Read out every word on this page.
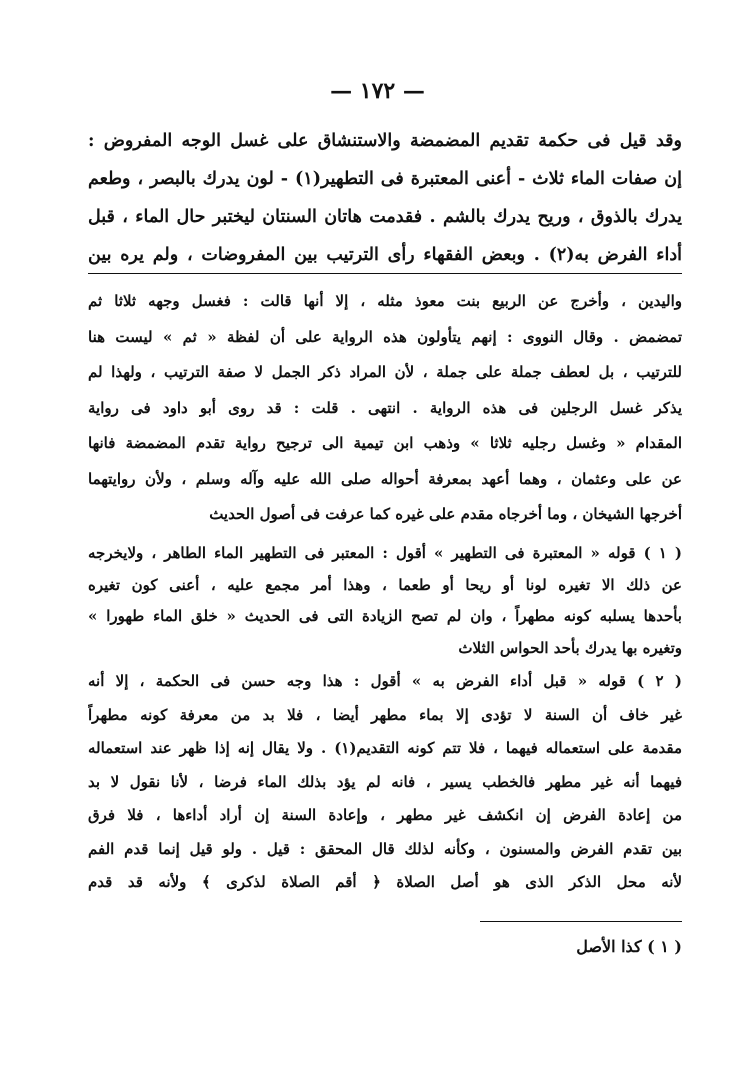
— ١٧٢ —
وقد قيل فى حكمة تقديم المضمضة والاستنشاق على غسل الوجه المفروض :
إن صفات الماء ثلاث - أعنى المعتبرة فى التطهير(١) - لون يدرك بالبصر ، وطعم
يدرك بالذوق ، وريح يدرك بالشم . فقدمت هاتان السنتان ليختبر حال الماء ، قبل
أداء الفرض به(٢) . وبعض الفقهاء رأى الترتيب بين المفروضات ، ولم يره بين
واليدين ، وأخرج عن الربيع بنت معوذ مثله ، إلا أنها قالت : فغسل وجهه ثلاثا ثم
تمضمض . وقال النووى : إنهم يتأولون هذه الرواية على أن لفظة « ثم » ليست هنا
للترتيب ، بل لعطف جملة على جملة ، لأن المراد ذكر الجمل لا صفة الترتيب ، ولهذا لم
يذكر غسل الرجلين فى هذه الرواية . انتهى . قلت : قد روى أبو داود فى رواية
المقدام « وغسل رجليه ثلاثا » وذهب ابن تيمية الى ترجيح رواية تقدم المضمضة فانها
عن على وعثمان ، وهما أعهد بمعرفة أحواله صلى الله عليه وآله وسلم ، ولأن روايتهما
أخرجها الشيخان ، وما أخرجاه مقدم على غيره كما عرفت فى أصول الحديث
( ١ ) قوله « المعتبرة فى التطهير » أقول : المعتبر فى التطهير الماء الطاهر ، ولايخرجه
عن ذلك الا تغيره لونا أو ريحا أو طعما ، وهذا أمر مجمع عليه ، أعنى كون تغيره
بأحدها يسلبه كونه مطهراً ، وان لم تصح الزيادة التى فى الحديث « خلق الماء طهورا »
وتغيره بها يدرك بأحد الحواس الثلاث
( ٢ ) قوله « قبل أداء الفرض به » أقول : هذا وجه حسن فى الحكمة ، إلا أنه
غير خاف أن السنة لا تؤدى إلا بماء مطهر أيضا ، فلا بد من معرفة كونه مطهراً
مقدمة على استعماله فيهما ، فلا تتم كونه التقديم(١) . ولا يقال إنه إذا ظهر عند استعماله
فيهما أنه غير مطهر فالخطب يسير ، فانه لم يؤد بذلك الماء فرضا ، لأنا نقول لا بد
من إعادة الفرض إن انكشف غير مطهر ، وإعادة السنة إن أراد أداءها ، فلا فرق
بين تقدم الفرض والمسنون ، وكأنه لذلك قال المحقق : قيل . ولو قيل إنما قدم الفم
لأنه محل الذكر الذى هو أصل الصلاة ﴿ أقم الصلاة لذكرى ﴾ ولأنه قد قدم
( ١ ) كذا الأصل
